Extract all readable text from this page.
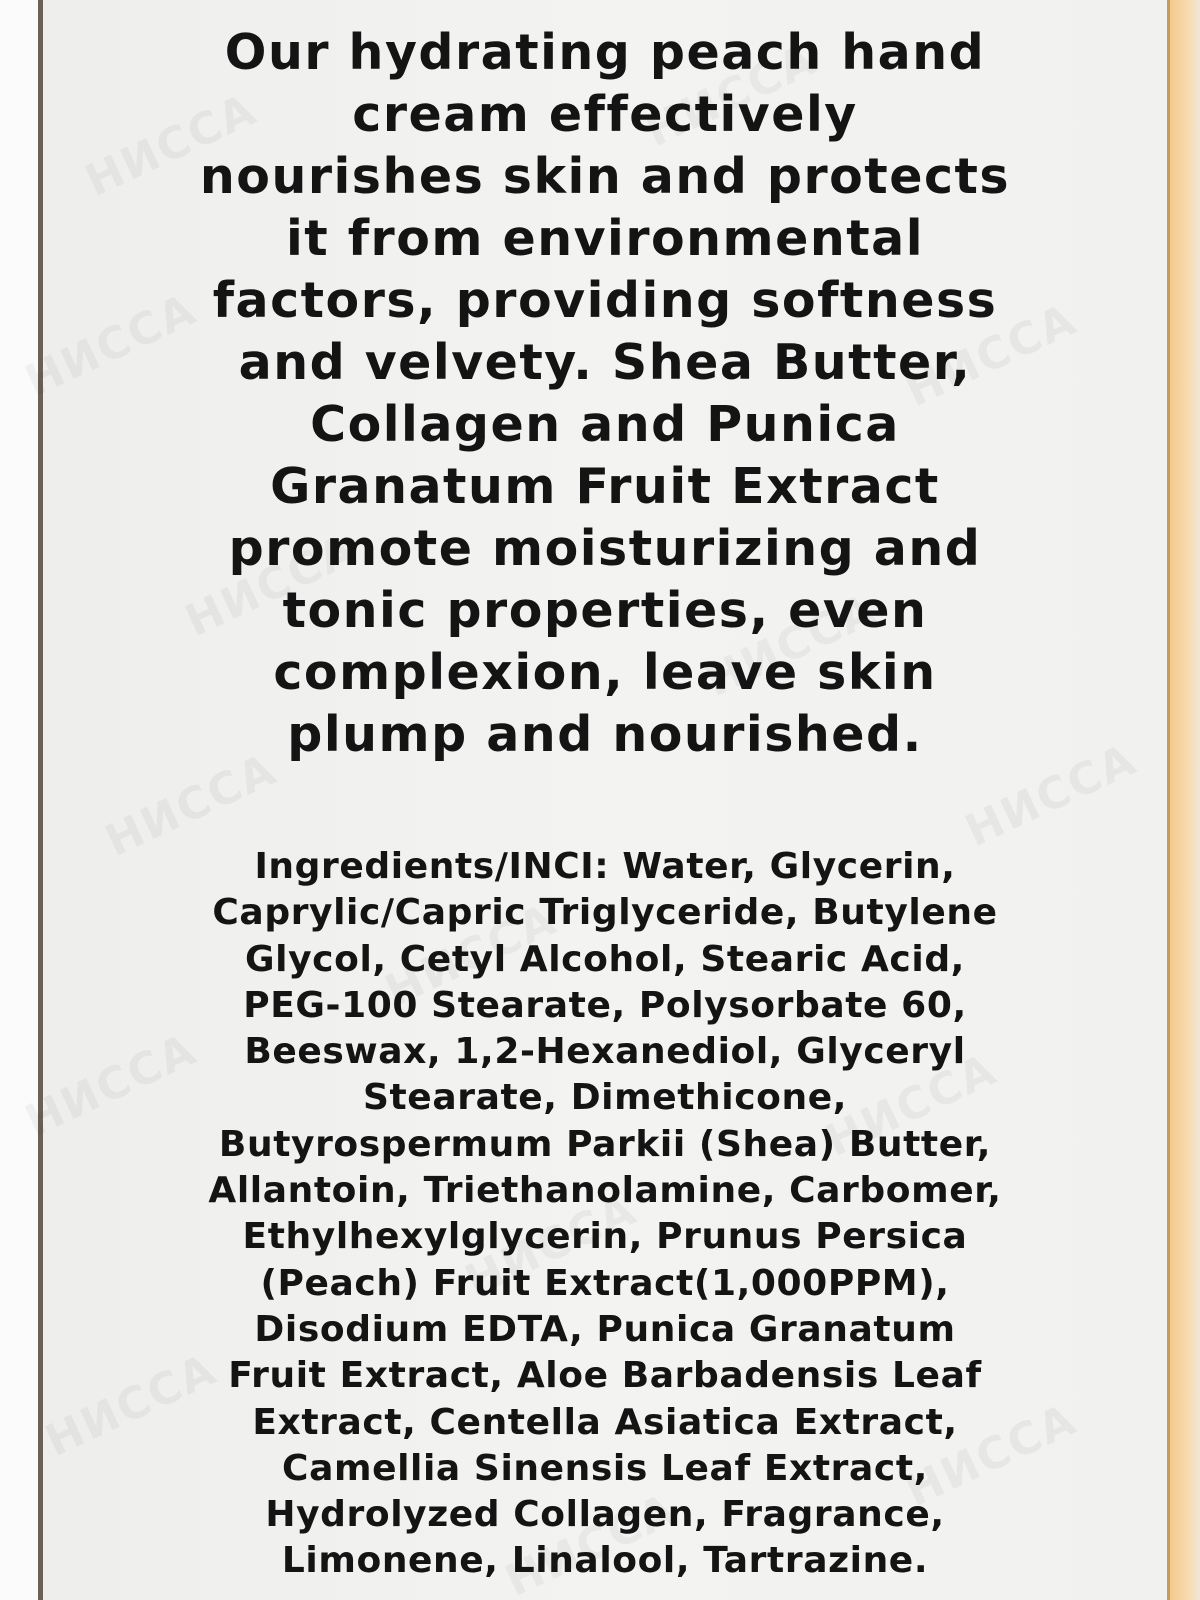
Our hydrating peach hand
cream effectively
nourishes skin and protects
it from environmental
factors, providing softness
and velvety. Shea Butter,
Collagen and Punica
Granatum Fruit Extract
promote moisturizing and
tonic properties, even
complexion, leave skin
plump and nourished.

Ingredients/INCI: Water, Glycerin,
Caprylic/Capric Triglyceride, Butylene
Glycol, Cetyl Alcohol, Stearic Acid,
PEG-100 Stearate, Polysorbate 60,
Beeswax, 1,2-Hexanediol, Glyceryl
Stearate, Dimethicone,
Butyrospermum Parkii (Shea) Butter,
Allantoin, Triethanolamine, Carbomer,
Ethylhexylglycerin, Prunus Persica
(Peach) Fruit Extract(1,000PPM),
Disodium EDTA, Punica Granatum
Fruit Extract, Aloe Barbadensis Leaf
Extract, Centella Asiatica Extract,
Camellia Sinensis Leaf Extract,
Hydrolyzed Collagen, Fragrance,
Limonene, Linalool, Tartrazine.
